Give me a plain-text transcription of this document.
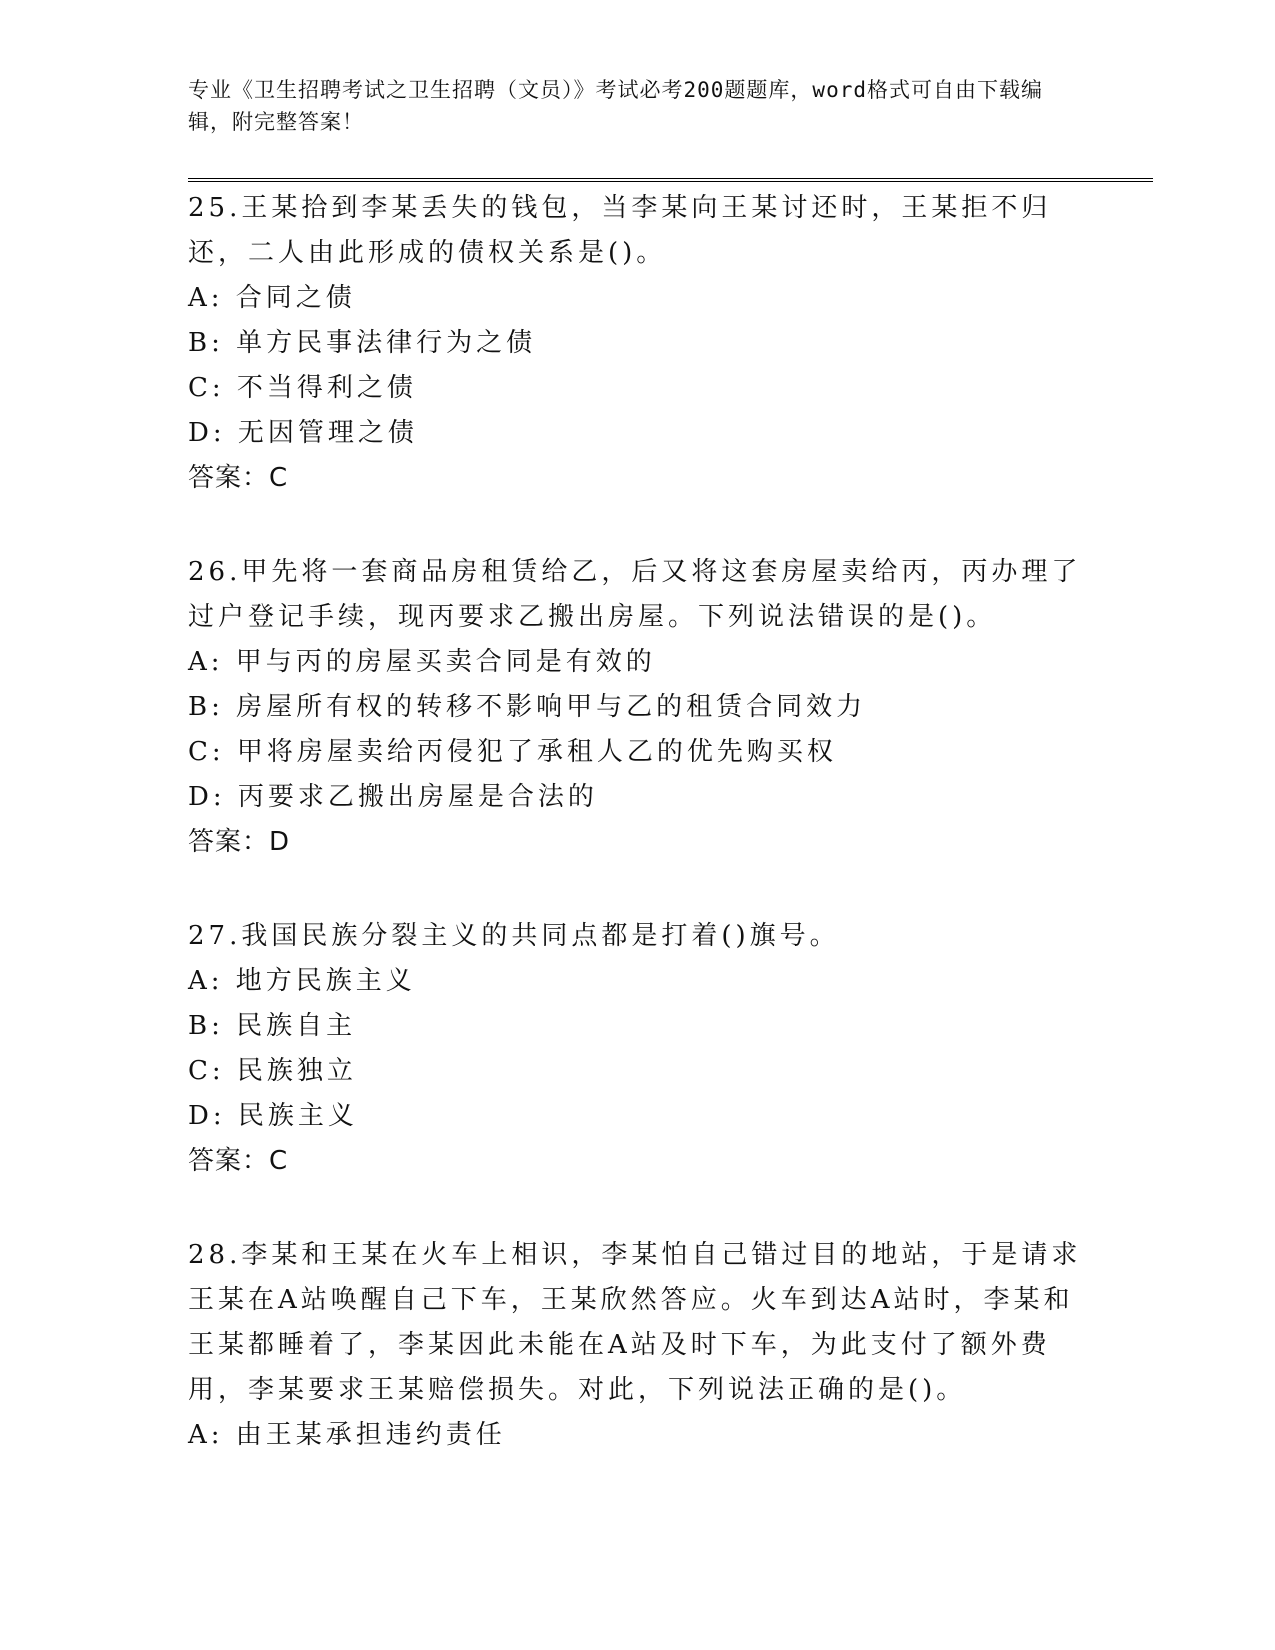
专业《卫生招聘考试之卫生招聘（文员）》考试必考200题题库，word格式可自由下载编辑，附完整答案！

25.王某拾到李某丢失的钱包，当李某向王某讨还时，王某拒不归还，二人由此形成的债权关系是()。

A: 合同之债

B: 单方民事法律行为之债

C: 不当得利之债

D: 无因管理之债

答案：C

26.甲先将一套商品房租赁给乙，后又将这套房屋卖给丙，丙办理了过户登记手续，现丙要求乙搬出房屋。下列说法错误的是()。

A: 甲与丙的房屋买卖合同是有效的

B: 房屋所有权的转移不影响甲与乙的租赁合同效力

C: 甲将房屋卖给丙侵犯了承租人乙的优先购买权

D: 丙要求乙搬出房屋是合法的

答案：D

27.我国民族分裂主义的共同点都是打着()旗号。

A: 地方民族主义

B: 民族自主

C: 民族独立

D: 民族主义

答案：C

28.李某和王某在火车上相识，李某怕自己错过目的地站，于是请求王某在A站唤醒自己下车，王某欣然答应。火车到达A站时，李某和王某都睡着了，李某因此未能在A站及时下车，为此支付了额外费用，李某要求王某赔偿损失。对此，下列说法正确的是()。

A: 由王某承担违约责任
